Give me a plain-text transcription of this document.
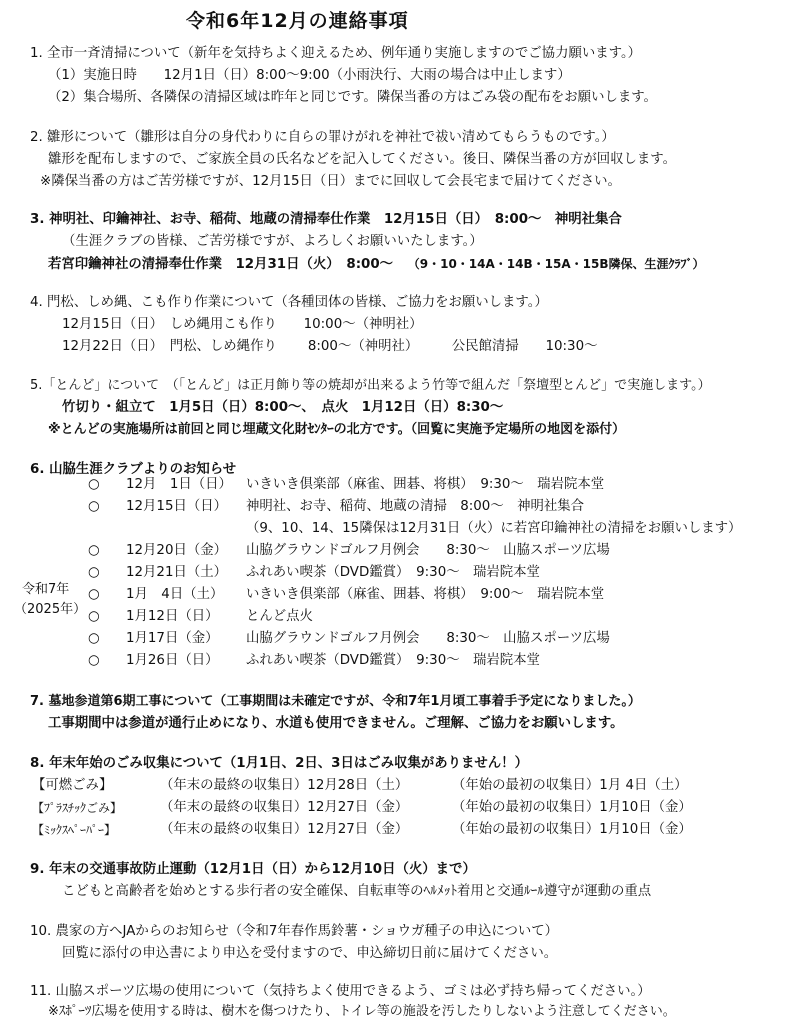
令和6年12月の連絡事項
1. 全市一斉清掃について（新年を気持ちよく迎えるため、例年通り実施しますのでご協力願います。）
（1）実施日時　　12月1日（日）8:00～9:00（小雨決行、大雨の場合は中止します）
（2）集合場所、各隣保の清掃区域は昨年と同じです。隣保当番の方はごみ袋の配布をお願いします。
2. 雛形について（雛形は自分の身代わりに自らの罪けがれを神社で祓い清めてもらうものです。）
雛形を配布しますので、ご家族全員の氏名などを記入してください。後日、隣保当番の方が回収します。
※隣保当番の方はご苦労様ですが、12月15日（日）までに回収して会長宅まで届けてください。
3. 神明社、印鑰神社、お寺、稲荷、地蔵の清掃奉仕作業　12月15日（日）　8:00～　神明社集合
（生涯クラブの皆様、ご苦労様ですが、よろしくお願いいたします。）
若宮印鑰神社の清掃奉仕作業　12月31日（火）　8:00～ （9・10・14A・14B・15A・15B隣保、生涯ｸﾗﾌﾞ）
4. 門松、しめ縄、こも作り作業について（各種団体の皆様、ご協力をお願いします。）
12月15日（日）　しめ縄用こも作り　　10:00～（神明社）
12月22日（日）　門松、しめ縄作り　　 8:00～（神明社）　　　公民館清掃　　10:30～
5.「とんど」について　（「とんど」は正月飾り等の焼却が出来るよう竹等で組んだ「祭壇型とんど」で実施します。）
竹切り・組立て　1月5日（日）8:00～、　点火　1月12日（日）8:30～
※とんどの実施場所は前回と同じ埋蔵文化財ｾﾝﾀｰの北方です。（回覧に実施予定場所の地図を添付）
6. 山脇生涯クラブよりのお知らせ
令和7年
（2025年）
○ 12月　1日（日） いきいき倶楽部（麻雀、囲碁、将棋）　9:30～　瑞岩院本堂
○ 12月15日（日） 神明社、お寺、稲荷、地蔵の清掃　8:00～　神明社集合
（9、10、14、15隣保は12月31日（火）に若宮印鑰神社の清掃をお願いします）
○ 12月20日（金） 山脇グラウンドゴルフ月例会　　8:30～　山脇スポーツ広場
○ 12月21日（土） ふれあい喫茶（DVD鑑賞）　9:30～　瑞岩院本堂
○ 1月　4日（土） いきいき倶楽部（麻雀、囲碁、将棋）　9:00～　瑞岩院本堂
○ 1月12日（日） とんど点火
○ 1月17日（金） 山脇グラウンドゴルフ月例会　　8:30～　山脇スポーツ広場
○ 1月26日（日） ふれあい喫茶（DVD鑑賞）　9:30～　瑞岩院本堂
7. 墓地参道第6期工事について（工事期間は未確定ですが、令和7年1月頃工事着手予定になりました。）
工事期間中は参道が通行止めになり、水道も使用できません。ご理解、ご協力をお願いします。
8. 年末年始のごみ収集について（1月1日、2日、3日はごみ収集がありません！）
【可燃ごみ】	（年末の最終の収集日）12月28日（土）	（年始の最初の収集日）1月 4日（土）
【ﾌﾟﾗｽﾁｯｸごみ】	（年末の最終の収集日）12月27日（金）	（年始の最初の収集日）1月10日（金）
【ﾐｯｸｽﾍﾟｰﾊﾟｰ】	（年末の最終の収集日）12月27日（金）	（年始の最初の収集日）1月10日（金）
9. 年末の交通事故防止運動（12月1日（日）から12月10日（火）まで）
こどもと高齢者を始めとする歩行者の安全確保、自転車等のﾍﾙﾒｯﾄ着用と交通ﾙｰﾙ遵守が運動の重点
10. 農家の方へJAからのお知らせ（令和7年春作馬鈴薯・ショウガ種子の申込について）
回覧に添付の申込書により申込を受付ますので、申込締切日前に届けてください。
11. 山脇スポーツ広場の使用について（気持ちよく使用できるよう、ゴミは必ず持ち帰ってください。）
※ｽﾎﾟｰﾂ広場を使用する時は、樹木を傷つけたり、トイレ等の施設を汚したりしないよう注意してください。
